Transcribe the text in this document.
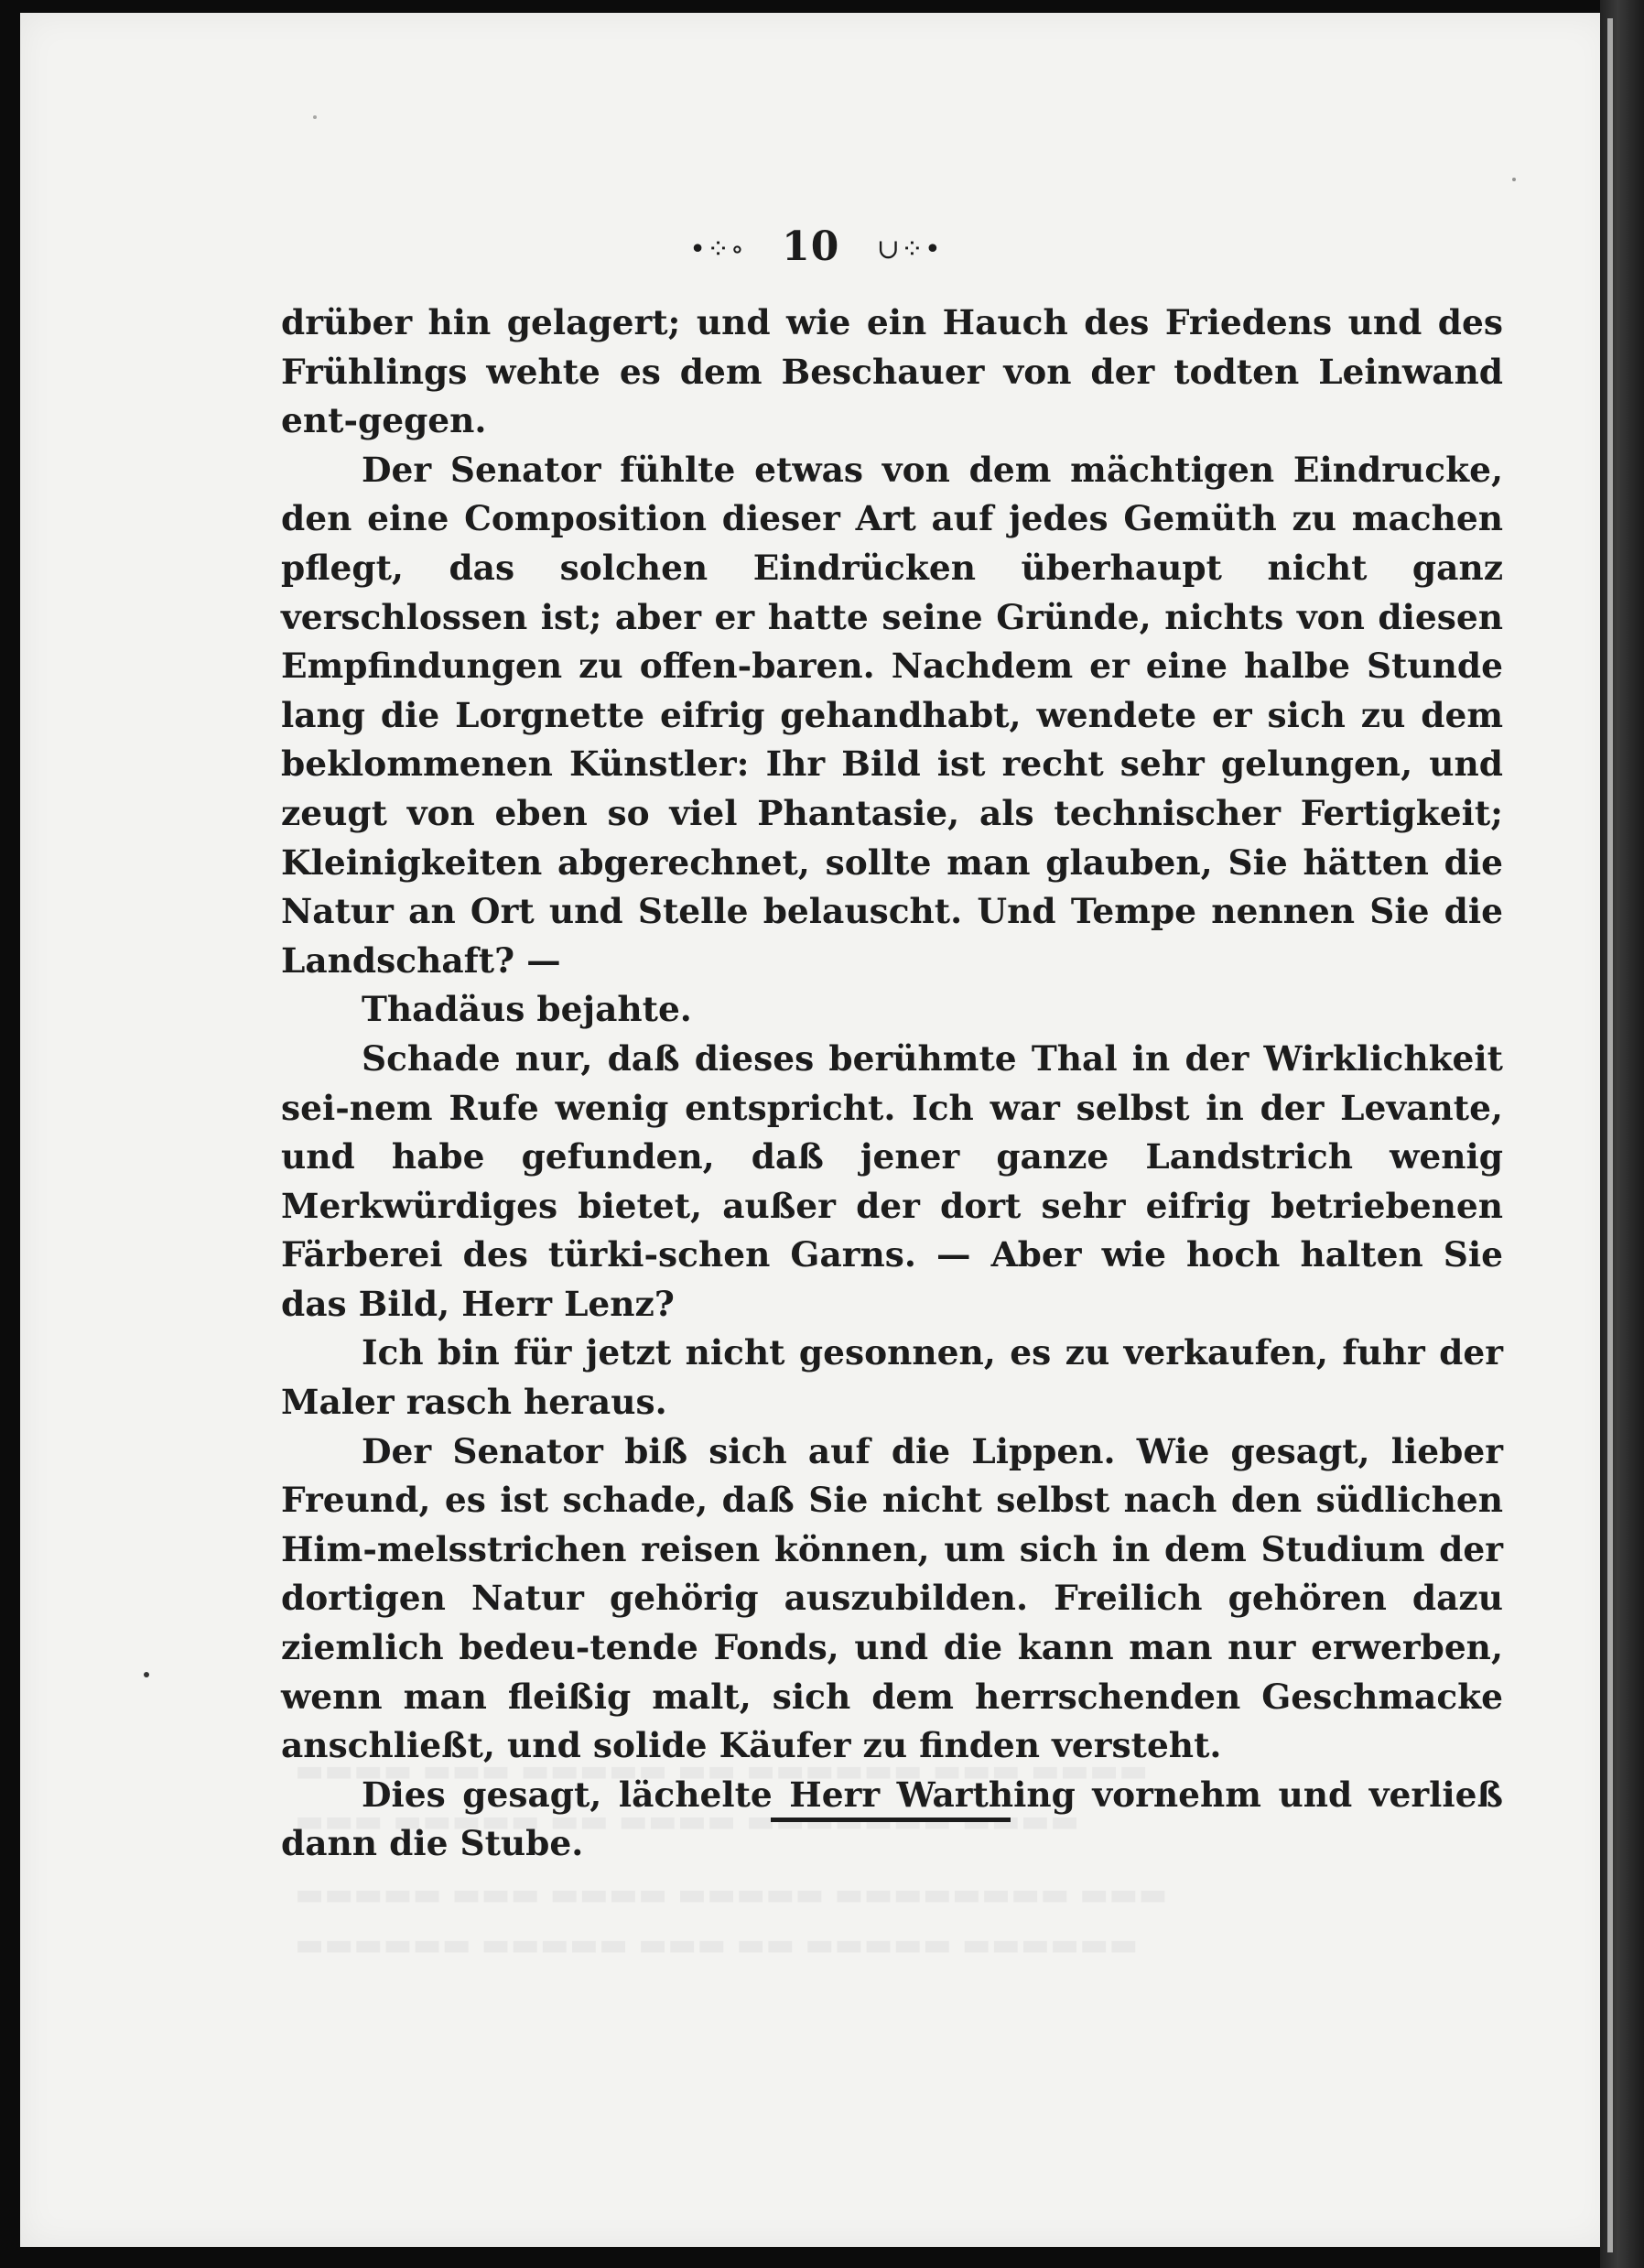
•⁘∘ 10 ∪⁘•

drüber hin gelagert; und wie ein Hauch des Friedens und des Frühlings wehte es dem Beschauer von der todten Leinwand ent-gegen.

Der Senator fühlte etwas von dem mächtigen Eindrucke, den eine Composition dieser Art auf jedes Gemüth zu machen pflegt, das solchen Eindrücken überhaupt nicht ganz verschlossen ist; aber er hatte seine Gründe, nichts von diesen Empfindungen zu offen-baren. Nachdem er eine halbe Stunde lang die Lorgnette eifrig gehandhabt, wendete er sich zu dem beklommenen Künstler: Ihr Bild ist recht sehr gelungen, und zeugt von eben so viel Phantasie, als technischer Fertigkeit; Kleinigkeiten abgerechnet, sollte man glauben, Sie hätten die Natur an Ort und Stelle belauscht. Und Tempe nennen Sie die Landschaft? —

Thadäus bejahte.

Schade nur, daß dieses berühmte Thal in der Wirklichkeit sei-nem Rufe wenig entspricht. Ich war selbst in der Levante, und habe gefunden, daß jener ganze Landstrich wenig Merkwürdiges bietet, außer der dort sehr eifrig betriebenen Färberei des türki-schen Garns. — Aber wie hoch halten Sie das Bild, Herr Lenz?

Ich bin für jetzt nicht gesonnen, es zu verkaufen, fuhr der Maler rasch heraus.

Der Senator biß sich auf die Lippen. Wie gesagt, lieber Freund, es ist schade, daß Sie nicht selbst nach den südlichen Him-melsstrichen reisen können, um sich in dem Studium der dortigen Natur gehörig auszubilden. Freilich gehören dazu ziemlich bedeu-tende Fonds, und die kann man nur erwerben, wenn man fleißig malt, sich dem herrschenden Geschmacke anschließt, und solide Käufer zu finden versteht.

Dies gesagt, lächelte Herr Warthing vornehm und verließ dann die Stube.
